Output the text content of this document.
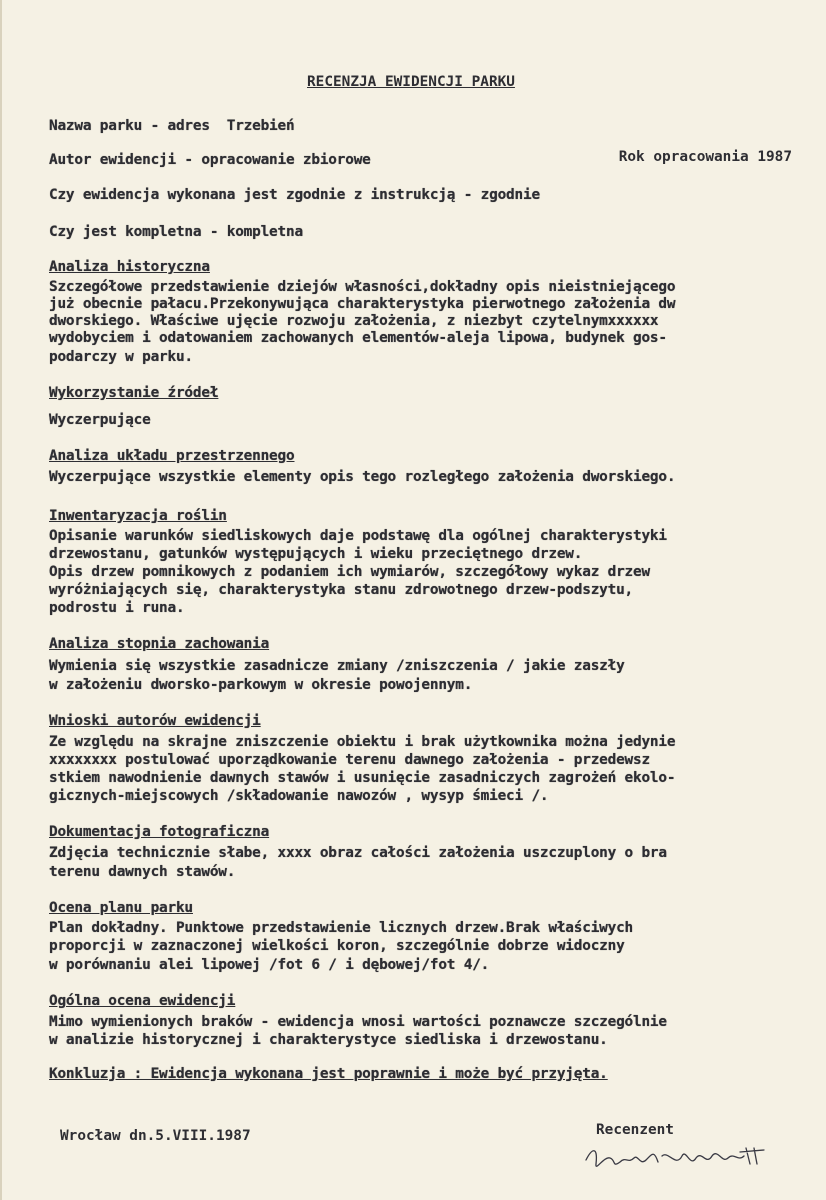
RECENZJA EWIDENCJI PARKU
Nazwa parku - adres  Trzebień
Autor ewidencji - opracowanie zbiorowe	Rok opracowania 1987
Czy ewidencja wykonana jest zgodnie z instrukcją - zgodnie
Czy jest kompletna - kompletna
Analiza historyczna
Szczegółowe przedstawienie dziejów własności,dokładny opis nieistniejącego
już obecnie pałacu.Przekonywująca charakterystyka pierwotnego założenia dw
dworskiego. Właściwe ujęcie rozwoju założenia, z niezbyt czytelnymxxxxxx
wydobyciem i odatowaniem zachowanych elementów-aleja lipowa, budynek gos-
podarczy w parku.
Wykorzystanie źródeł
Wyczerpujące
Analiza układu przestrzennego
Wyczerpujące wszystkie elementy opis tego rozległego założenia dworskiego.
Inwentaryzacja roślin
Opisanie warunków siedliskowych daje podstawę dla ogólnej charakterystyki
drzewostanu, gatunków występujących i wieku przeciętnego drzew.
Opis drzew pomnikowych z podaniem ich wymiarów, szczegółowy wykaz drzew
wyróżniających się, charakterystyka stanu zdrowotnego drzew-podszytu,
podrostu i runa.
Analiza stopnia zachowania
Wymienia się wszystkie zasadnicze zmiany /zniszczenia / jakie zaszły
w założeniu dworsko-parkowym w okresie powojennym.
Wnioski autorów ewidencji
Ze względu na skrajne zniszczenie obiektu i brak użytkownika można jedynie
xxxxxxxx postulować uporządkowanie terenu dawnego założenia - przedewsz
stkiem nawodnienie dawnych stawów i usunięcie zasadniczych zagrożeń ekolo-
gicznych-miejscowych /składowanie nawozów , wysyp śmieci /.
Dokumentacja fotograficzna
Zdjęcia technicznie słabe, xxxx obraz całości założenia uszczuplony o bra
terenu dawnych stawów.
Ocena planu parku
Plan dokładny. Punktowe przedstawienie licznych drzew.Brak właściwych
proporcji w zaznaczonej wielkości koron, szczególnie dobrze widoczny
w porównaniu alei lipowej /fot 6 / i dębowej/fot 4/.
Ogólna ocena ewidencji
Mimo wymienionych braków - ewidencja wnosi wartości poznawcze szczególnie
w analizie historycznej i charakterystyce siedliska i drzewostanu.
Konkluzja : Ewidencja wykonana jest poprawnie i może być przyjęta.
Wrocław dn.5.VIII.1987	Recenzent
